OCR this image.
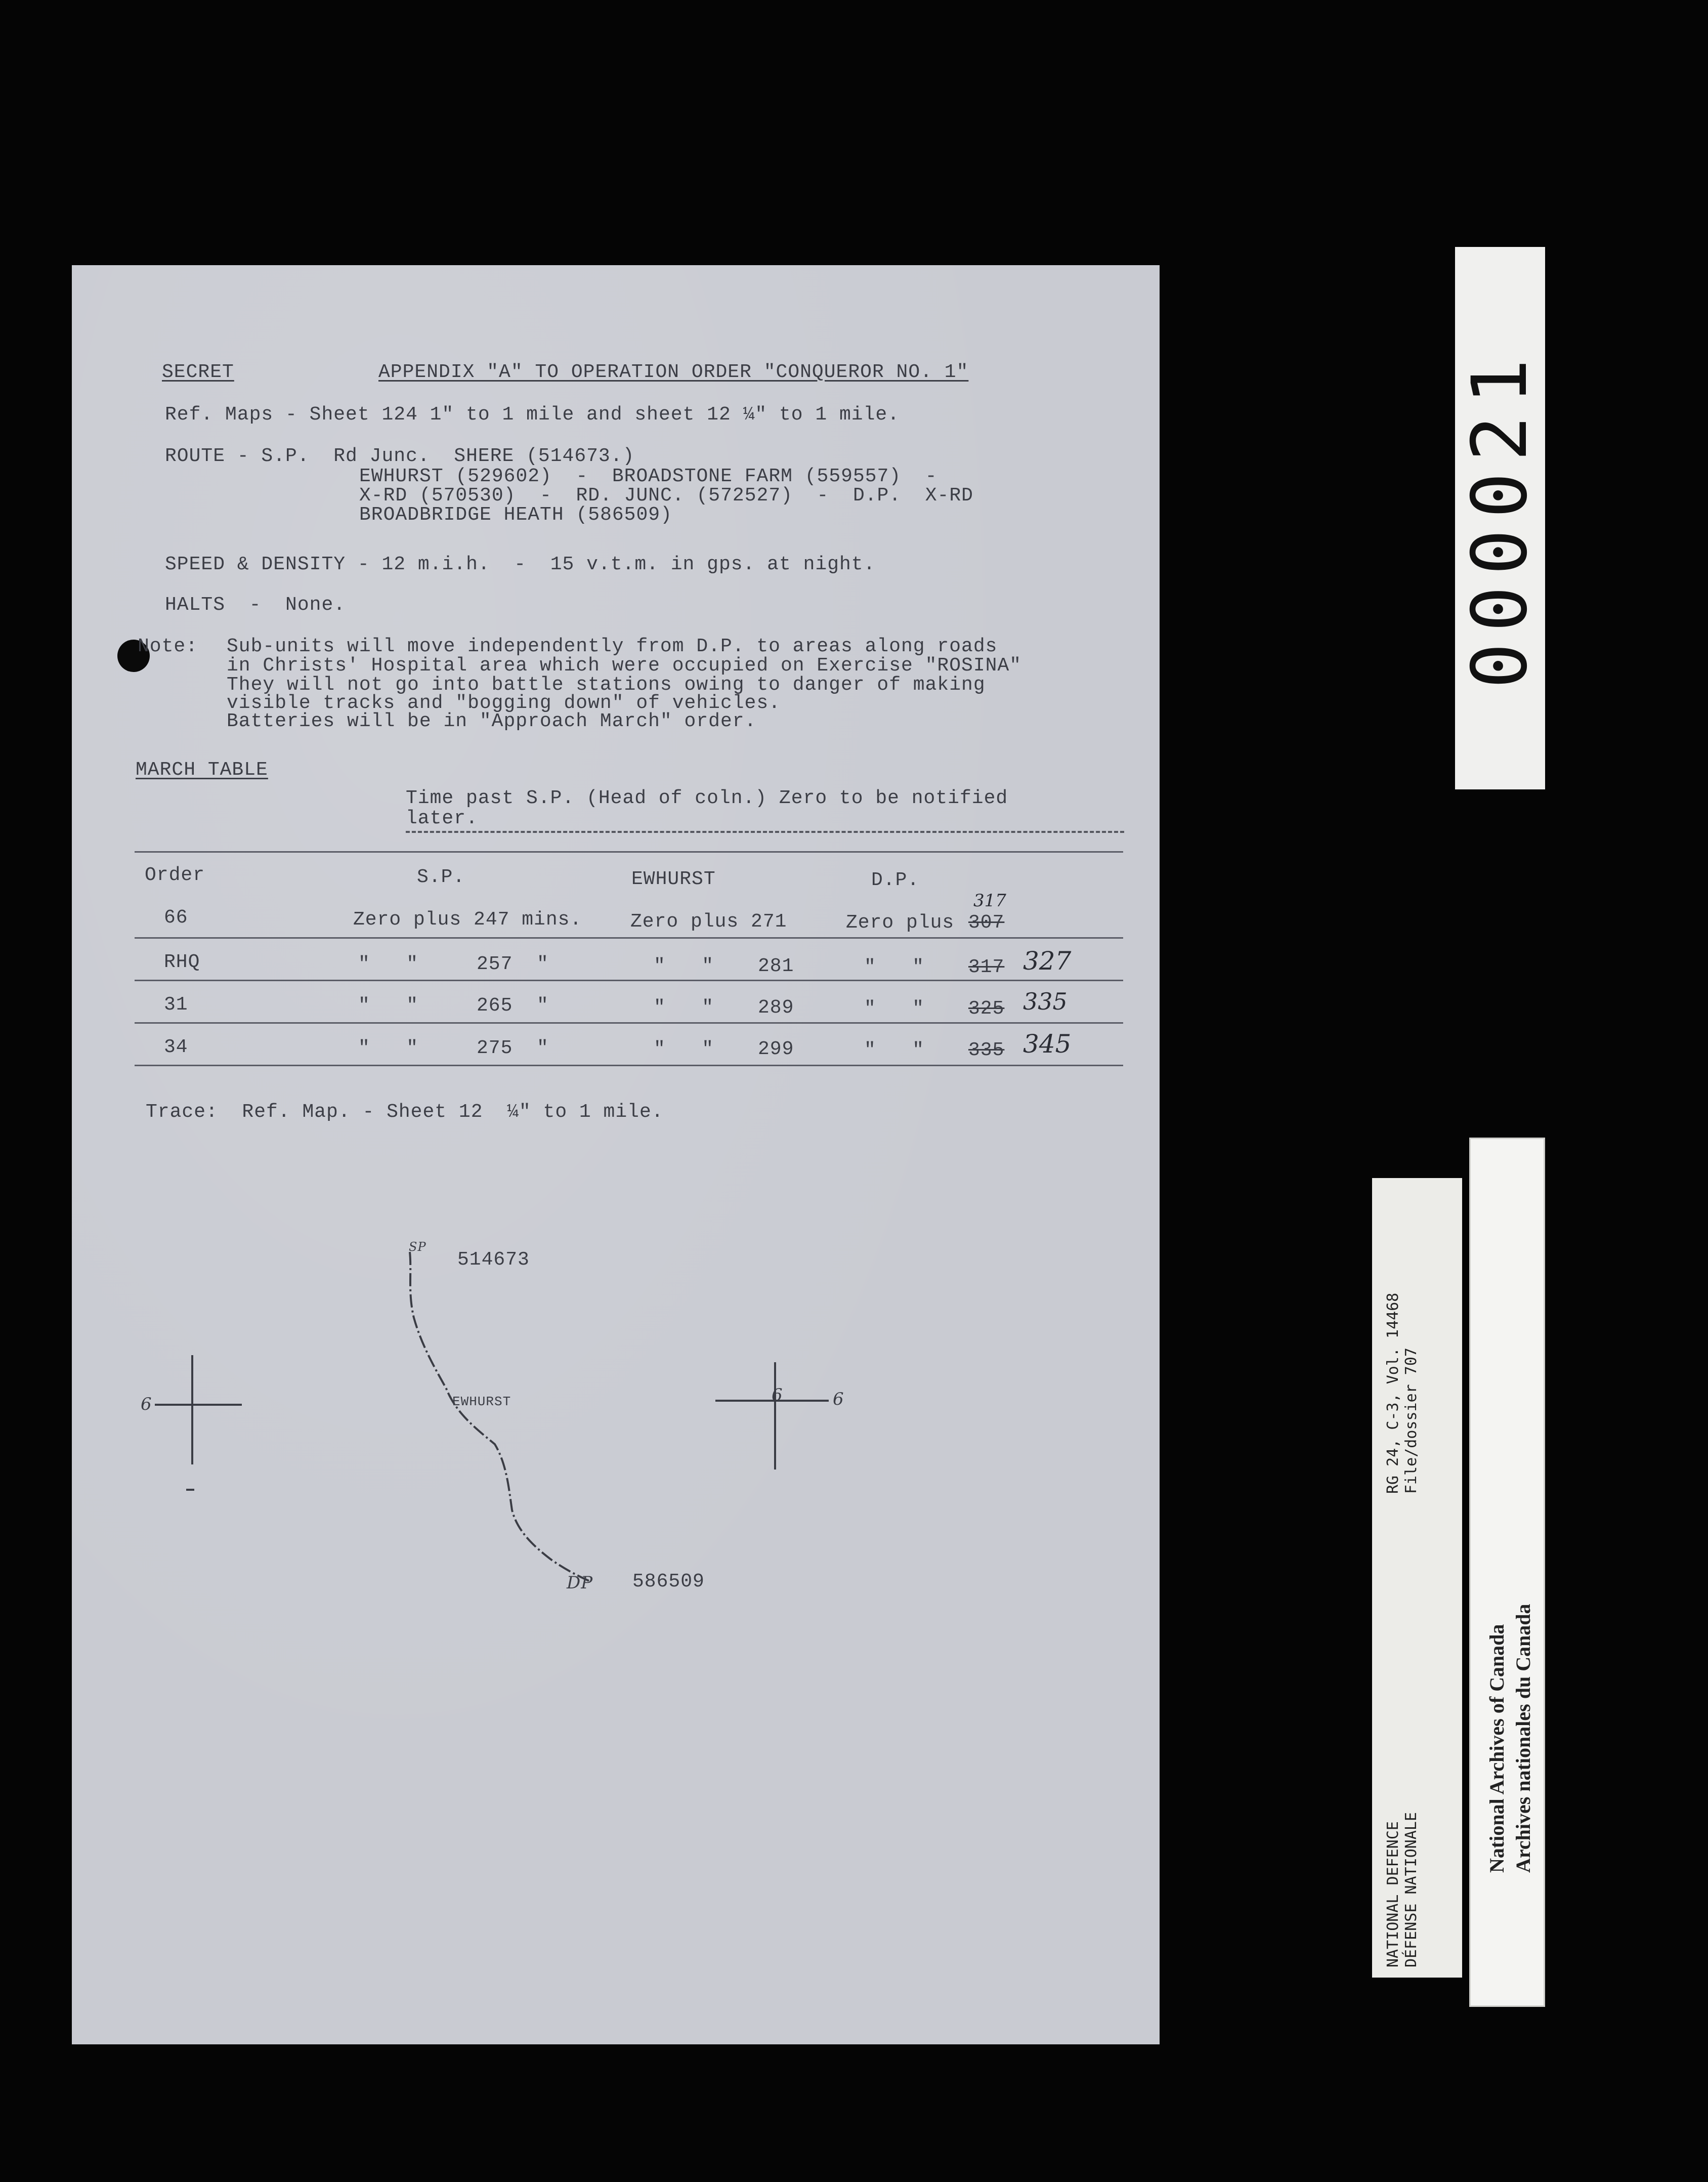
SECRET	APPENDIX "A" TO OPERATION ORDER "CONQUEROR NO. 1"
Ref. Maps - Sheet 124 1" to 1 mile and sheet 12 ¼" to 1 mile.
ROUTE - S.P.  Rd Junc.  SHERE (514673.)
EWHURST (529602)  -  BROADSTONE FARM (559557)  -
X-RD (570530)  -  RD. JUNC. (572527)  -  D.P.  X-RD
BROADBRIDGE HEATH (586509)
SPEED & DENSITY - 12 m.i.h.  -  15 v.t.m. in gps. at night.
HALTS  -  None.
Note: Sub-units will move independently from D.P. to areas along roads
in Christs' Hospital area which were occupied on Exercise "ROSINA"
They will not go into battle stations owing to danger of making
visible tracks and "bogging down" of vehicles.
Batteries will be in "Approach March" order.
MARCH TABLE
Time past S.P. (Head of coln.) Zero to be notified
later.
Order	S.P.	EWHURST	D.P.
66	Zero plus 247 mins.	Zero plus 271	Zero plus 307
317
RHQ	"   "	257  "	"   " 281	"   " 317 327
31	"   "	265  "	"   " 289	"   " 325 335
34	"   "	275  "	"   " 299	"   " 335 345
Trace:  Ref. Map. - Sheet 12  ¼" to 1 mile.
6	6
6
SP
514673
EWHURST
DP 586509
000021
NATIONAL DEFENCE DÉFENSE NATIONALE
RG 24, C-3, Vol. 14468 File/dossier 707
National Archives of Canada Archives nationales du Canada
